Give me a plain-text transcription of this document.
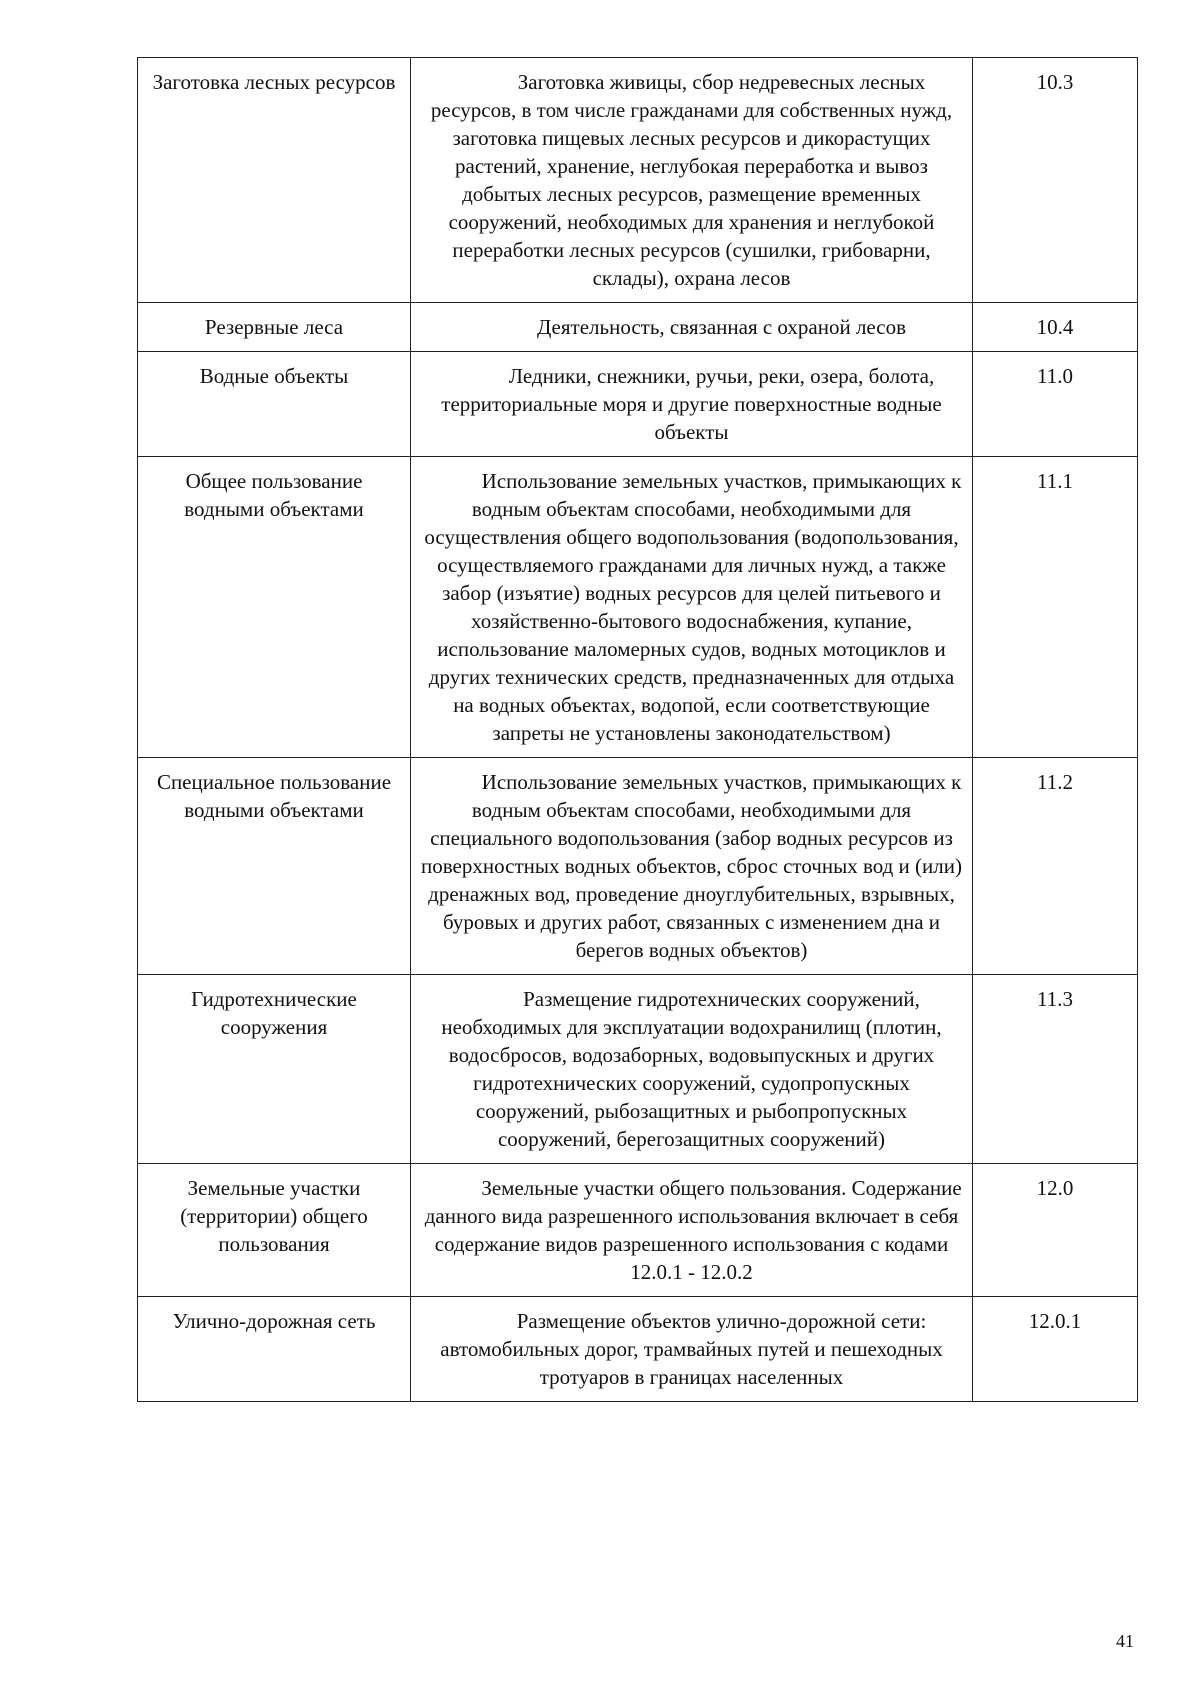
Заготовка лесных ресурсов	Заготовка живицы, сбор недревесных лесных ресурсов, в том числе гражданами для собственных нужд, заготовка пищевых лесных ресурсов и дикорастущих растений, хранение, неглубокая переработка и вывоз добытых лесных ресурсов, размещение временных сооружений, необходимых для хранения и неглубокой переработки лесных ресурсов (сушилки, грибоварни, склады), охрана лесов	10.3
Резервные леса	Деятельность, связанная с охраной лесов	10.4
Водные объекты	Ледники, снежники, ручьи, реки, озера, болота, территориальные моря и другие поверхностные водные объекты	11.0
Общее пользование водными объектами	Использование земельных участков, примыкающих к водным объектам способами, необходимыми для осуществления общего водопользования (водопользования, осуществляемого гражданами для личных нужд, а также забор (изъятие) водных ресурсов для целей питьевого и хозяйственно-бытового водоснабжения, купание, использование маломерных судов, водных мотоциклов и других технических средств, предназначенных для отдыха на водных объектах, водопой, если соответствующие запреты не установлены законодательством)	11.1
Специальное пользование водными объектами	Использование земельных участков, примыкающих к водным объектам способами, необходимыми для специального водопользования (забор водных ресурсов из поверхностных водных объектов, сброс сточных вод и (или) дренажных вод, проведение дноуглубительных, взрывных, буровых и других работ, связанных с изменением дна и берегов водных объектов)	11.2
Гидротехнические сооружения	Размещение гидротехнических сооружений, необходимых для эксплуатации водохранилищ (плотин, водосбросов, водозаборных, водовыпускных и других гидротехнических сооружений, судопропускных сооружений, рыбозащитных и рыбопропускных сооружений, берегозащитных сооружений)	11.3
Земельные участки (территории) общего пользования	Земельные участки общего пользования. Содержание данного вида разрешенного использования включает в себя содержание видов разрешенного использования с кодами 12.0.1 - 12.0.2	12.0
Улично-дорожная сеть	Размещение объектов улично-дорожной сети: автомобильных дорог, трамвайных путей и пешеходных тротуаров в границах населенных	12.0.1
41
